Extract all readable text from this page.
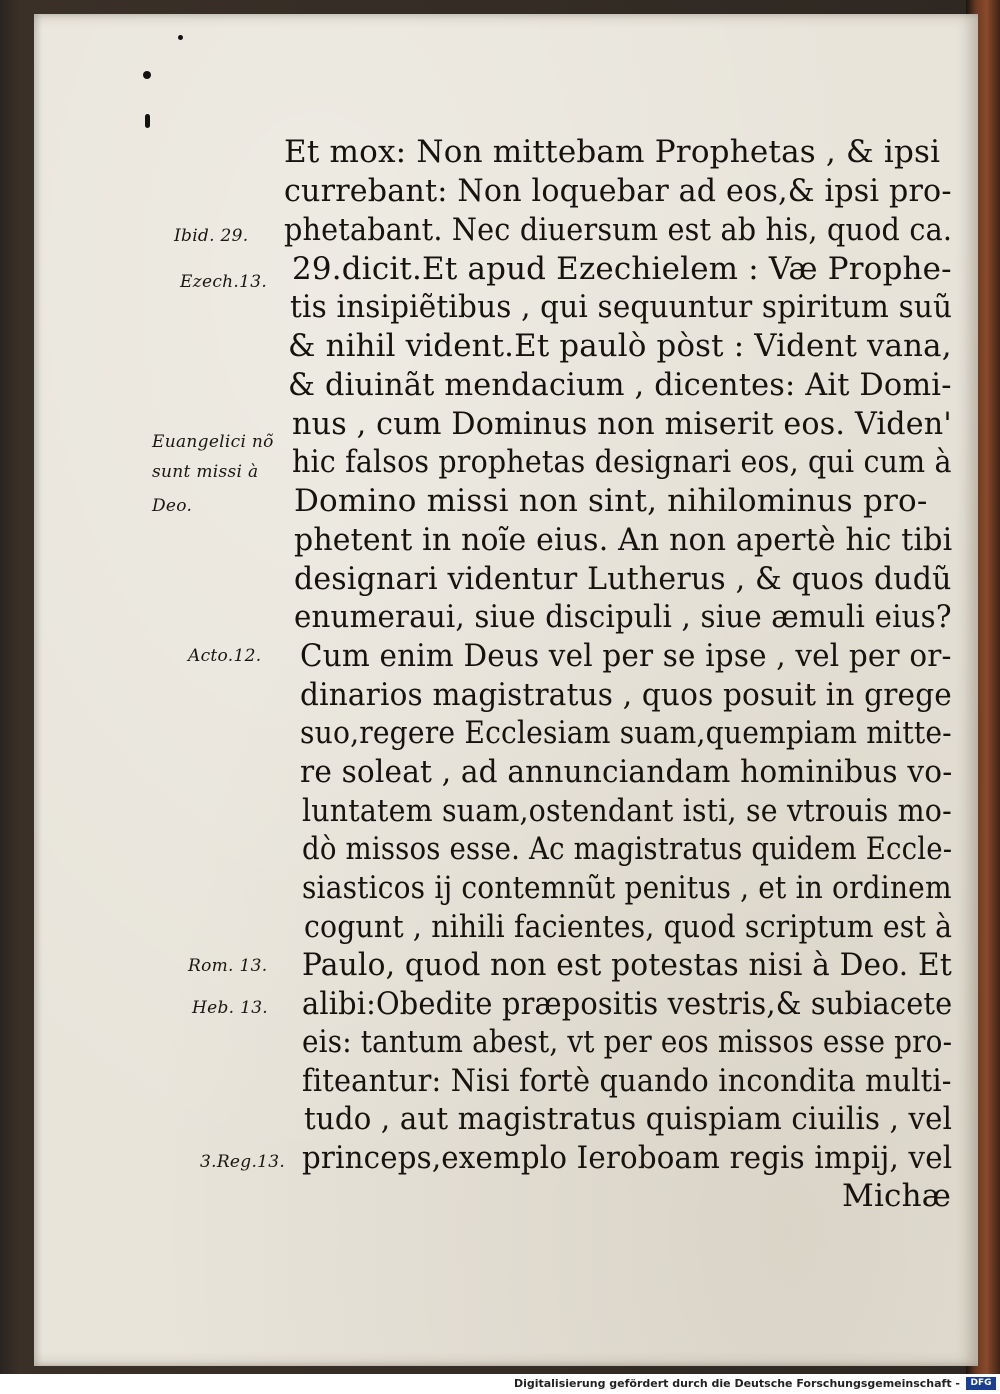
Ibid. 29.
Ezech.13.
Euangelici nõ
sunt missi à
Deo.
Acto.12.
Rom. 13.
Heb. 13.
3.Reg.13.
Et mox: Non mittebam Prophetas , & ipsi
currebant: Non loquebar ad eos,& ipsi pro-
phetabant. Nec diuersum est ab his, quod ca.
29.dicit.Et apud Ezechielem : Væ Prophe-
tis insipiẽtibus , qui sequuntur spiritum suũ
& nihil vident.Et paulò pòst : Vident vana,
& diuinãt mendacium , dicentes: Ait Domi-
nus , cum Dominus non miserit eos. Viden'
hic falsos prophetas designari eos, qui cum à
Domino missi non sint, nihilominus pro-
phetent in noĩe eius. An non apertè hic tibi
designari videntur Lutherus , & quos dudũ
enumeraui, siue discipuli , siue æmuli eius?
Cum enim Deus vel per se ipse , vel per or-
dinarios magistratus , quos posuit in grege
suo,regere Ecclesiam suam,quempiam mitte-
re soleat , ad annunciandam hominibus vo-
luntatem suam,ostendant isti, se vtrouis mo-
dò missos esse. Ac magistratus quidem Eccle-
siasticos ij contemnũt penitus , et in ordinem
cogunt , nihili facientes, quod scriptum est à
Paulo, quod non est potestas nisi à Deo. Et
alibi:Obedite præpositis vestris,& subiacete
eis: tantum abest, vt per eos missos esse pro-
fiteantur: Nisi fortè quando incondita multi-
tudo , aut magistratus quispiam ciuilis , vel
princeps,exemplo Ieroboam regis impij, vel
Michæ
Digitalisierung gefördert durch die Deutsche Forschungsgemeinschaft -	DFG
